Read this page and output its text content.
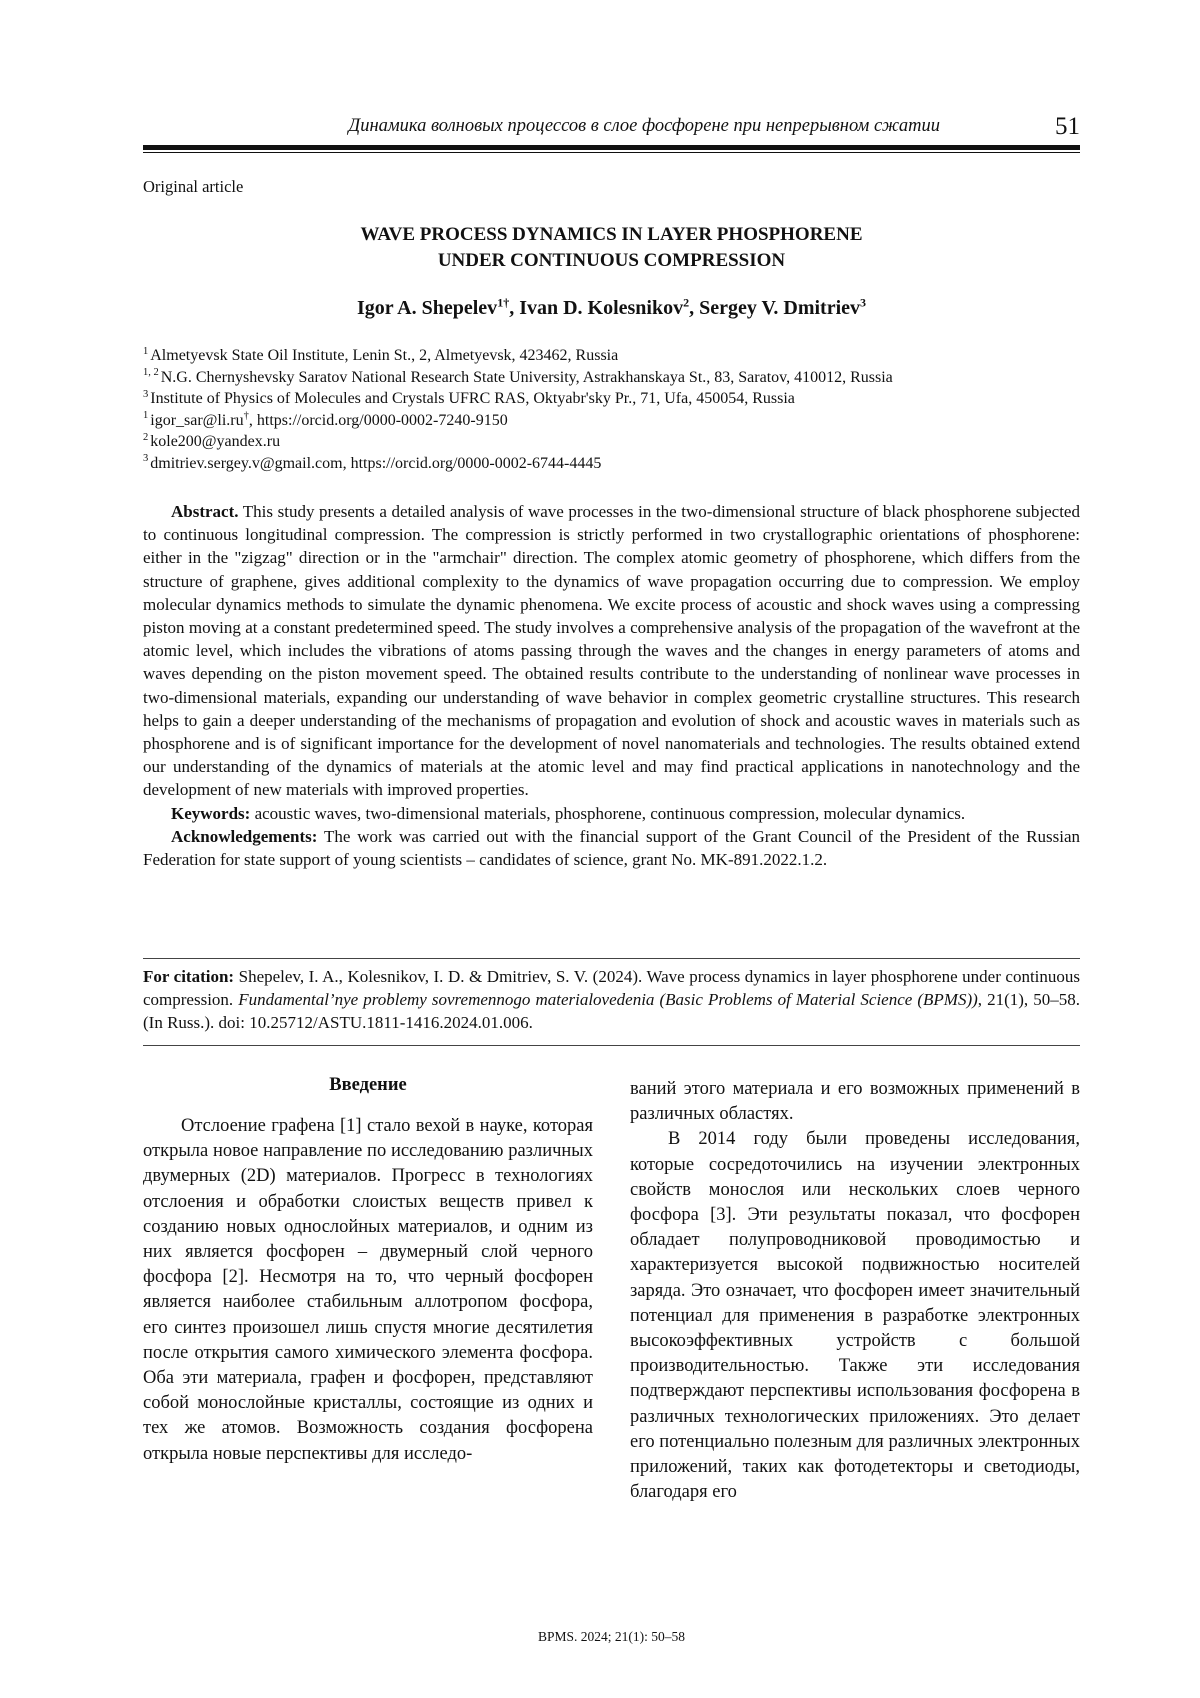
Динамика волновых процессов в слое фосфорене при непрерывном сжатии	51
Original article
WAVE PROCESS DYNAMICS IN LAYER PHOSPHORENE
UNDER CONTINUOUS COMPRESSION
Igor A. Shepelev$^{1\dagger}$, Ivan D. Kolesnikov$^2$, Sergey V. Dmitriev$^3$
$^1$ Almetyevsk State Oil Institute, Lenin St., 2, Almetyevsk, 423462, Russia
$^{1, 2}$ N.G. Chernyshevsky Saratov National Research State University, Astrakhanskaya St., 83, Saratov, 410012, Russia
$^3$ Institute of Physics of Molecules and Crystals UFRC RAS, Oktyabr'sky Pr., 71, Ufa, 450054, Russia
$^1$ igor_sar@li.ru†, https://orcid.org/0000-0002-7240-9150
$^2$ kole200@yandex.ru
$^3$ dmitriev.sergey.v@gmail.com, https://orcid.org/0000-0002-6744-4445

Abstract. This study presents a detailed analysis of wave processes in the two-dimensional structure of black phosphorene subjected to continuous longitudinal compression. The compression is strictly performed in two crystallographic orientations of phosphorene: either in the "zigzag" direction or in the "armchair" direction. The complex atomic geometry of phosphorene, which differs from the structure of graphene, gives additional complexity to the dynamics of wave propagation occurring due to compression. We employ molecular dynamics methods to simulate the dynamic phenomena. We excite process of acoustic and shock waves using a compressing piston moving at a constant predetermined speed. The study involves a comprehensive analysis of the propagation of the wavefront at the atomic level, which includes the vibrations of atoms passing through the waves and the changes in energy parameters of atoms and waves depending on the piston movement speed. The obtained results contribute to the understanding of nonlinear wave processes in two-dimensional materials, expanding our understanding of wave behavior in complex geometric crystalline structures. This research helps to gain a deeper understanding of the mechanisms of propagation and evolution of shock and acoustic waves in materials such as phosphorene and is of significant importance for the development of novel nanomaterials and technologies. The results obtained extend our understanding of the dynamics of materials at the atomic level and may find practical applications in nanotechnology and the development of new materials with improved properties.

Keywords: acoustic waves, two-dimensional materials, phosphorene, continuous compression, molecular dynamics.

Acknowledgements: The work was carried out with the financial support of the Grant Council of the President of the Russian Federation for state support of young scientists – candidates of science, grant No. MK-891.2022.1.2.

For citation: Shepelev, I. A., Kolesnikov, I. D. & Dmitriev, S. V. (2024). Wave process dynamics in layer phosphorene under continuous compression. Fundamental’nye problemy sovremennogo materialovedenia (Basic Problems of Material Science (BPMS)), 21(1), 50–58. (In Russ.). doi: 10.25712/ASTU.1811-1416.2024.01.006.

Введение

Отслоение графена [1] стало вехой в науке, которая открыла новое направление по исследованию различных двумерных (2D) материалов. Прогресс в технологиях отслоения и обработки слоистых веществ привел к созданию новых однослойных материалов, и одним из них является фосфорен – двумерный слой черного фосфора [2]. Несмотря на то, что черный фосфорен является наиболее стабильным аллотропом фосфора, его синтез произошел лишь спустя многие десятилетия после открытия самого химического элемента фосфора. Оба эти материала, графен и фосфорен, представляют собой монослойные кристаллы, состоящие из одних и тех же атомов. Возможность создания фосфорена открыла новые перспективы для исследо-

ваний этого материала и его возможных применений в различных областях.

В 2014 году были проведены исследования, которые сосредоточились на изучении электронных свойств монослоя или нескольких слоев черного фосфора [3]. Эти результаты показал, что фосфорен обладает полупроводниковой проводимостью и характеризуется высокой подвижностью носителей заряда. Это означает, что фосфорен имеет значительный потенциал для применения в разработке электронных высокоэффективных устройств с большой производительностью. Также эти исследования подтверждают перспективы использования фосфорена в различных технологических приложениях. Это делает его потенциально полезным для различных электронных приложений, таких как фотодетекторы и светодиоды, благодаря его

BPMS. 2024; 21(1): 50–58
